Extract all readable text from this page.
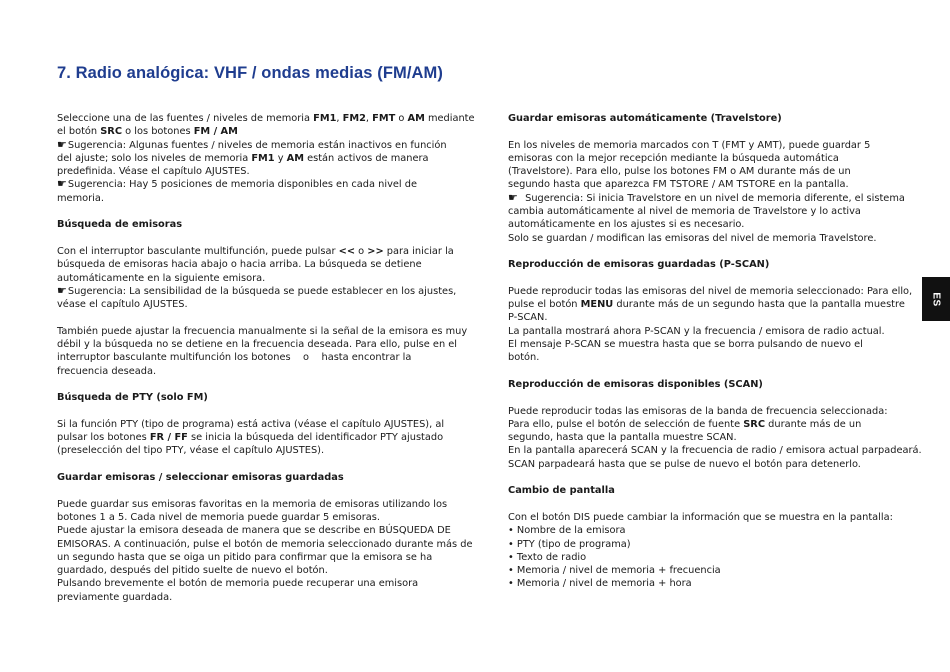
7. Radio analógica: VHF / ondas medias (FM/AM)

Seleccione una de las fuentes / niveles de memoria FM1, FM2, FMT o AM mediante

el botón SRC o los botones FM / AM

☛Sugerencia: Algunas fuentes / niveles de memoria están inactivos en función

del ajuste; solo los niveles de memoria FM1 y AM están activos de manera

predefinida. Véase el capítulo AJUSTES.

☛Sugerencia: Hay 5 posiciones de memoria disponibles en cada nivel de

memoria.

Búsqueda de emisoras

Con el interruptor basculante multifunción, puede pulsar << o >> para iniciar la

búsqueda de emisoras hacia abajo o hacia arriba. La búsqueda se detiene

automáticamente en la siguiente emisora.

☛Sugerencia: La sensibilidad de la búsqueda se puede establecer en los ajustes,

véase el capítulo AJUSTES.

También puede ajustar la frecuencia manualmente si la señal de la emisora es muy

débil y la búsqueda no se detiene en la frecuencia deseada. Para ello, pulse en el

interruptor basculante multifunción los botones    o    hasta encontrar la

frecuencia deseada.

Búsqueda de PTY (solo FM)

Si la función PTY (tipo de programa) está activa (véase el capítulo AJUSTES), al

pulsar los botones FR / FF se inicia la búsqueda del identificador PTY ajustado

(preselección del tipo PTY, véase el capítulo AJUSTES).

Guardar emisoras / seleccionar emisoras guardadas

Puede guardar sus emisoras favoritas en la memoria de emisoras utilizando los

botones 1 a 5. Cada nivel de memoria puede guardar 5 emisoras.

Puede ajustar la emisora deseada de manera que se describe en BÚSQUEDA DE

EMISORAS. A continuación, pulse el botón de memoria seleccionado durante más de

un segundo hasta que se oiga un pitido para confirmar que la emisora se ha

guardado, después del pitido suelte de nuevo el botón.

Pulsando brevemente el botón de memoria puede recuperar una emisora

previamente guardada.

Guardar emisoras automáticamente (Travelstore)

En los niveles de memoria marcados con T (FMT y AMT), puede guardar 5

emisoras con la mejor recepción mediante la búsqueda automática

(Travelstore). Para ello, pulse los botones FM o AM durante más de un

segundo hasta que aparezca FM TSTORE / AM TSTORE en la pantalla.

☛  Sugerencia: Si inicia Travelstore en un nivel de memoria diferente, el sistema

cambia automáticamente al nivel de memoria de Travelstore y lo activa

automáticamente en los ajustes si es necesario.

Solo se guardan / modifican las emisoras del nivel de memoria Travelstore.

Reproducción de emisoras guardadas (P-SCAN)

Puede reproducir todas las emisoras del nivel de memoria seleccionado: Para ello,

pulse el botón MENU durante más de un segundo hasta que la pantalla muestre

P-SCAN.

La pantalla mostrará ahora P-SCAN y la frecuencia / emisora de radio actual.

El mensaje P-SCAN se muestra hasta que se borra pulsando de nuevo el

botón.

Reproducción de emisoras disponibles (SCAN)

Puede reproducir todas las emisoras de la banda de frecuencia seleccionada:

Para ello, pulse el botón de selección de fuente SRC durante más de un

segundo, hasta que la pantalla muestre SCAN.

En la pantalla aparecerá SCAN y la frecuencia de radio / emisora actual parpadeará.

SCAN parpadeará hasta que se pulse de nuevo el botón para detenerlo.

Cambio de pantalla

Con el botón DIS puede cambiar la información que se muestra en la pantalla:

• Nombre de la emisora

• PTY (tipo de programa)

• Texto de radio

• Memoria / nivel de memoria + frecuencia

• Memoria / nivel de memoria + hora

ES
